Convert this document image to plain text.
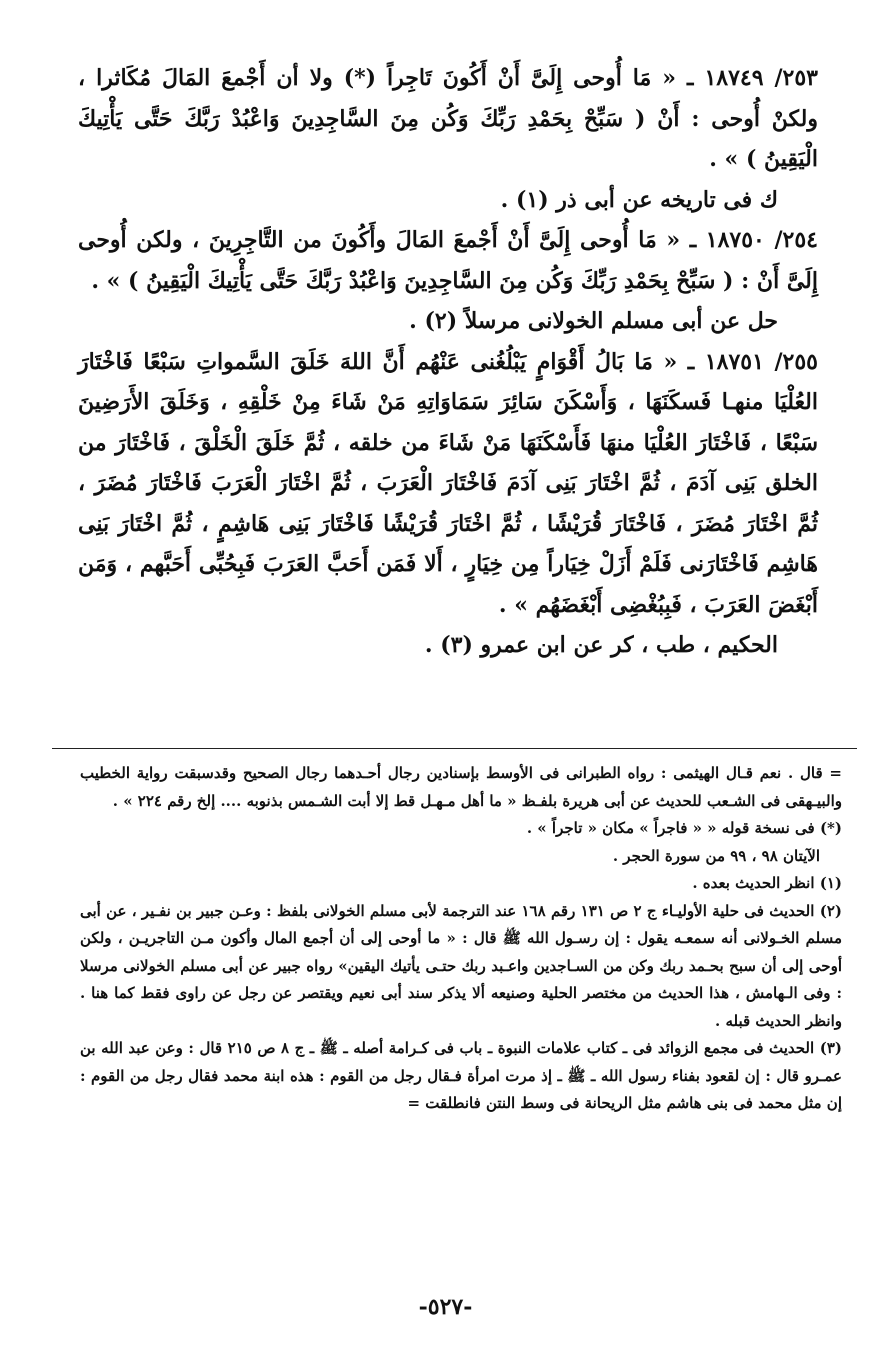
٢٥٣/ ١٨٧٤٩ ـ « مَا أُوحى إِلَىَّ أَنْ أَكُونَ تَاجِراً (*) ولا أن أَجْمعَ المَالَ مُكَاثرا ، ولكنْ أُوحى : أَنْ ( سَبِّحْ بِحَمْدِ رَبِّكَ وَكُن مِنَ السَّاجِدِينَ وَاعْبُدْ رَبَّكَ حَتَّى يَأْتِيكَ الْيَقِينُ ) » .

ك فى تاريخه عن أبى ذر (١) .

٢٥٤/ ١٨٧٥٠ ـ « مَا أُوحى إِلَىَّ أَنْ أَجْمعَ المَالَ وأَكُونَ من التَّاجِرِينَ ، ولكن أُوحى إِلَىَّ أَنْ : ( سَبِّحْ بِحَمْدِ رَبِّكَ وَكُن مِنَ السَّاجِدِينَ وَاعْبُدْ رَبَّكَ حَتَّى يَأْتِيكَ الْيَقِينُ ) » .

حل عن أبى مسلم الخولانى مرسلاً (٢) .

٢٥٥/ ١٨٧٥١ ـ « مَا بَالُ أَقْوَامٍ يَبْلُغُنى عَنْهُم أَنَّ اللهَ خَلَقَ السَّمواتِ سَبْعًا فَاخْتَارَ العُلْيَا منهـا فَسكَنَهَا ، وَأَسْكَنَ سَائِرَ سَمَاوَاتِهِ مَنْ شَاءَ مِنْ خَلْقِهِ ، وَخَلَقَ الأَرَضِينَ سَبْعًا ، فَاخْتَارَ العُلْيَا منهَا فَأَسْكَنَهَا مَنْ شَاءَ من خلقه ، ثُمَّ خَلَقَ الْخَلْقَ ، فَاخْتَارَ من الخلق بَنِى آدَمَ ، ثُمَّ اخْتَارَ بَنِى آدَمَ فَاخْتَارَ الْعَرَبَ ، ثُمَّ اخْتَارَ الْعَرَبَ فَاخْتَارَ مُضَرَ ، ثُمَّ اخْتَارَ مُضَرَ ، فَاخْتَارَ قُرَيْشًا ، ثُمَّ اخْتَارَ قُرَيْشًا فَاخْتَارَ بَنِى هَاشِمٍ ، ثُمَّ اخْتَارَ بَنِى هَاشِم فَاخْتَارَنى فَلَمْ أَزَلْ خِيَاراً مِن خِيَارٍ ، أَلا فَمَن أَحَبَّ العَرَبَ فَبِحُبِّى أَحَبَّهم ، وَمَن أَبْغَضَ العَرَبَ ، فَبِبُغْضِى أَبْغَضَهُم » .

الحكيم ، طب ، كر عن ابن عمرو (٣) .

= قال . نعم قـال الهيثمى : رواه الطبرانى فى الأوسط بإسنادين رجال أحـدهما رجال الصحيح وقدسبقت رواية الخطيب والبيـهقى فى الشـعب للحديث عن أبى هريرة بلفـظ « ما أهل مـهـل قط إلا أبت الشـمس بذنوبه .... إلخ رقم ٢٢٤ » .

(*) فى نسخة قوله « « فاجراً » مكان « تاجراً » .

الآيتان ٩٨ ، ٩٩ من سورة الحجر .

(١) انظر الحديث بعده .

(٢) الحديث فى حلية الأوليـاء ج ٢ ص ١٣١ رقم ١٦٨ عند الترجمة لأبى مسلم الخولانى بلفظ : وعـن جبير بن نفـير ، عن أبى مسلم الخـولانى أنه سمعـه يقول : إن رسـول الله ﷺ قال : « ما أوحى إلى أن أجمع المال وأكون مـن التاجريـن ، ولكن أوحى إلى أن سبح بحـمد ربك وكن من السـاجدين واعـبد ربك حتـى يأتيك اليقين» رواه جبير عن أبى مسلم الخولانى مرسلا : وفى الـهامش ، هذا الحديث من مختصر الحلية وصنيعه ألا يذكر سند أبى نعيم ويقتصر عن رجل عن راوى فقط كما هنا . وانظر الحديث قبله .

(٣) الحديث فى مجمع الزوائد فى ـ كتاب علامات النبوة ـ باب فى كـرامة أصله ـ ﷺ ـ ج ٨ ص ٢١٥ قال : وعن عبد الله بن عمـرو قال : إن لقعود بفناء رسول الله ـ ﷺ ـ إذ مرت امرأة فـقال رجل من القوم : هذه ابنة محمد فقال رجل من القوم : إن مثل محمد فى بنى هاشم مثل الريحانة فى وسط النتن فانطلقت =

-٥٢٧-
